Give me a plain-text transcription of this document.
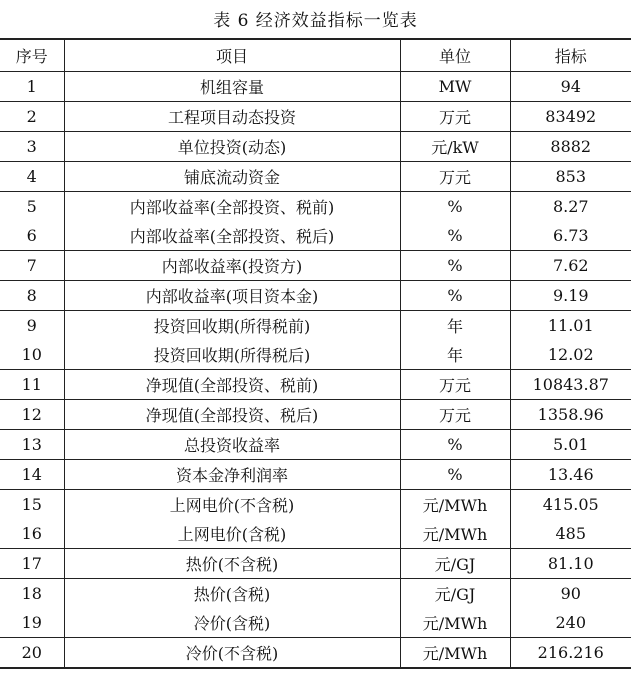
表 6 经济效益指标一览表
序号	项目	单位	指标
1	机组容量	MW	94
2	工程项目动态投资	万元	83492
3	单位投资(动态)	元/kW	8882
4	铺底流动资金	万元	853
5	内部收益率(全部投资、税前)	%	8.27
6	内部收益率(全部投资、税后)	%	6.73
7	内部收益率(投资方)	%	7.62
8	内部收益率(项目资本金)	%	9.19
9	投资回收期(所得税前)	年	11.01
10	投资回收期(所得税后)	年	12.02
11	净现值(全部投资、税前)	万元	10843.87
12	净现值(全部投资、税后)	万元	1358.96
13	总投资收益率	%	5.01
14	资本金净利润率	%	13.46
15	上网电价(不含税)	元/MWh	415.05
16	上网电价(含税)	元/MWh	485
17	热价(不含税)	元/GJ	81.10
18	热价(含税)	元/GJ	90
19	冷价(含税)	元/MWh	240
20	冷价(不含税)	元/MWh	216.216
